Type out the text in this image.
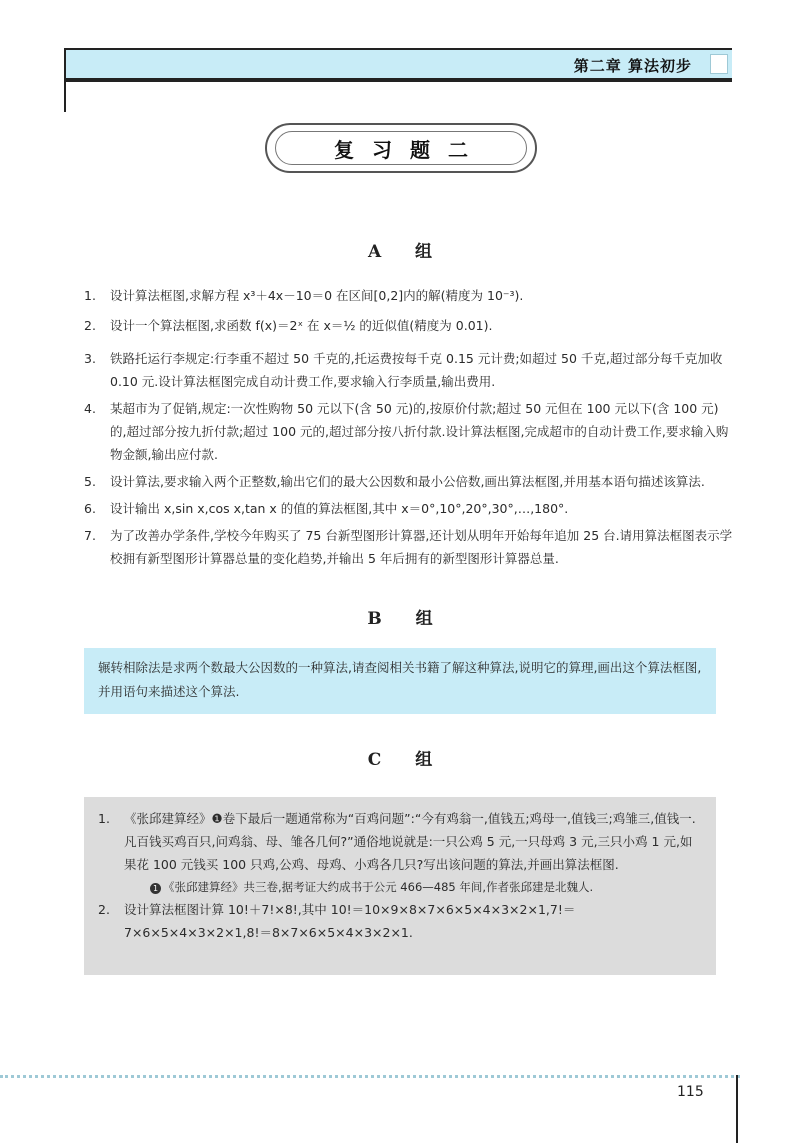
第二章 算法初步
复习题二
A 组
1.	设计算法框图,求解方程 x³＋4x－10＝0 在区间[0,2]内的解(精度为 10⁻³).
2.	设计一个算法框图,求函数 f(x)＝2ˣ 在 x＝½ 的近似值(精度为 0.01).
3.	铁路托运行李规定:行李重不超过 50 千克的,托运费按每千克 0.15 元计费;如超过 50 千克,超过部分每千克加收 0.10 元.设计算法框图完成自动计费工作,要求输入行李质量,输出费用.
4.	某超市为了促销,规定:一次性购物 50 元以下(含 50 元)的,按原价付款;超过 50 元但在 100 元以下(含 100 元)的,超过部分按九折付款;超过 100 元的,超过部分按八折付款.设计算法框图,完成超市的自动计费工作,要求输入购物金额,输出应付款.
5.	设计算法,要求输入两个正整数,输出它们的最大公因数和最小公倍数,画出算法框图,并用基本语句描述该算法.
6.	设计输出 x,sin x,cos x,tan x 的值的算法框图,其中 x＝0°,10°,20°,30°,…,180°.
7.	为了改善办学条件,学校今年购买了 75 台新型图形计算器,还计划从明年开始每年追加 25 台.请用算法框图表示学校拥有新型图形计算器总量的变化趋势,并输出 5 年后拥有的新型图形计算器总量.
B 组
辗转相除法是求两个数最大公因数的一种算法,请查阅相关书籍了解这种算法,说明它的算理,画出这个算法框图,并用语句来描述这个算法.
C 组
1.	《张邱建算经》❶卷下最后一题通常称为“百鸡问题”:“今有鸡翁一,值钱五;鸡母一,值钱三;鸡雏三,值钱一.凡百钱买鸡百只,问鸡翁、母、雏各几何?”通俗地说就是:一只公鸡 5 元,一只母鸡 3 元,三只小鸡 1 元,如果花 100 元钱买 100 只鸡,公鸡、母鸡、小鸡各几只?写出该问题的算法,并画出算法框图.
1 《张邱建算经》共三卷,据考证大约成书于公元 466—485 年间,作者张邱建是北魏人.
2.	设计算法框图计算 10!＋7!×8!,其中 10!＝10×9×8×7×6×5×4×3×2×1,7!＝7×6×5×4×3×2×1,8!＝8×7×6×5×4×3×2×1.
115
